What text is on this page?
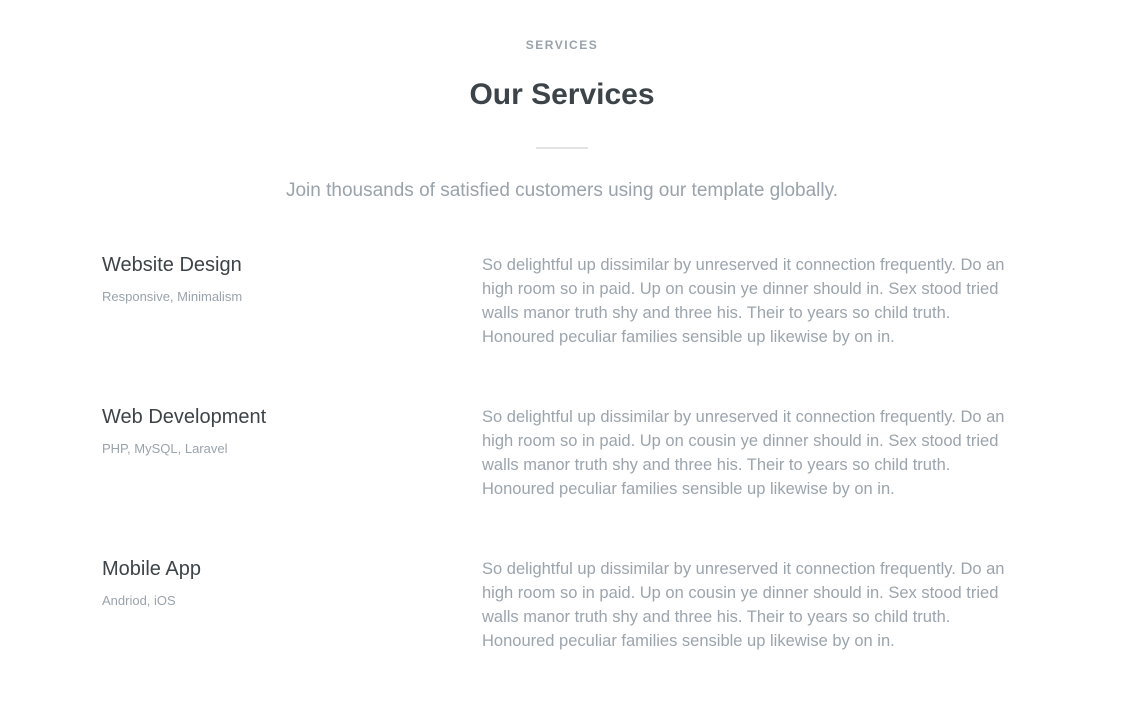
SERVICES
Our Services

Join thousands of satisfied customers using our template globally.

Website Design
Responsive, Minimalism

So delightful up dissimilar by unreserved it connection frequently. Do an high room so in paid. Up on cousin ye dinner should in. Sex stood tried walls manor truth shy and three his. Their to years so child truth. Honoured peculiar families sensible up likewise by on in.

Web Development
PHP, MySQL, Laravel

So delightful up dissimilar by unreserved it connection frequently. Do an high room so in paid. Up on cousin ye dinner should in. Sex stood tried walls manor truth shy and three his. Their to years so child truth. Honoured peculiar families sensible up likewise by on in.

Mobile App
Andriod, iOS

So delightful up dissimilar by unreserved it connection frequently. Do an high room so in paid. Up on cousin ye dinner should in. Sex stood tried walls manor truth shy and three his. Their to years so child truth. Honoured peculiar families sensible up likewise by on in.
